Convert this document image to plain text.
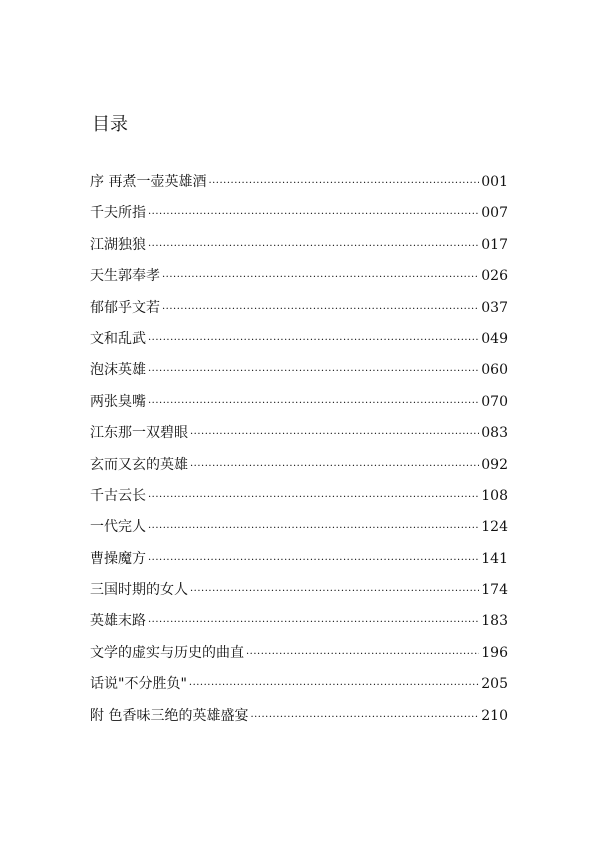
目录
序 再煮一壶英雄酒 ·····	001
千夫所指 ·····	007
江湖独狼 ·····	017
天生郭奉孝 ·····	026
郁郁乎文若 ·····	037
文和乱武 ·····	049
泡沫英雄 ·····	060
两张臭嘴 ·····	070
江东那一双碧眼 ·····	083
玄而又玄的英雄 ·····	092
千古云长 ·····	108
一代完人 ·····	124
曹操魔方 ·····	141
三国时期的女人 ·····	174
英雄末路 ·····	183
文学的虚实与历史的曲直 ·····	196
话说"不分胜负" ·····	205
附 色香味三绝的英雄盛宴 ·····	210
